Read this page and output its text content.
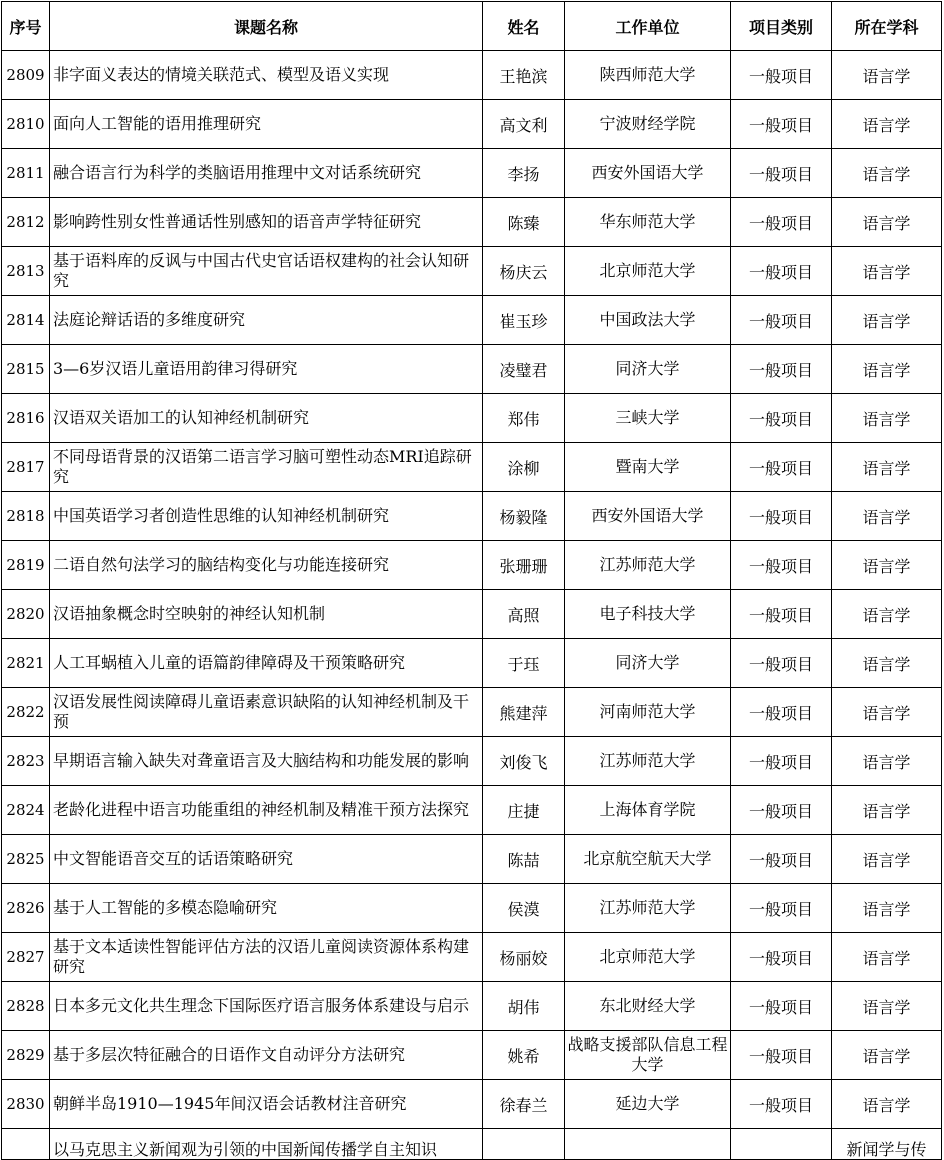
序号	课题名称	姓名	工作单位	项目类别	所在学科
2809	非字面义表达的情境关联范式、模型及语义实现	王艳滨	陕西师范大学	一般项目	语言学
2810	面向人工智能的语用推理研究	高文利	宁波财经学院	一般项目	语言学
2811	融合语言行为科学的类脑语用推理中文对话系统研究	李扬	西安外国语大学	一般项目	语言学
2812	影响跨性别女性普通话性别感知的语音声学特征研究	陈臻	华东师范大学	一般项目	语言学
2813	基于语料库的反讽与中国古代史官话语权建构的社会认知研究	杨庆云	北京师范大学	一般项目	语言学
2814	法庭论辩话语的多维度研究	崔玉珍	中国政法大学	一般项目	语言学
2815	3—6岁汉语儿童语用韵律习得研究	凌璧君	同济大学	一般项目	语言学
2816	汉语双关语加工的认知神经机制研究	郑伟	三峡大学	一般项目	语言学
2817	不同母语背景的汉语第二语言学习脑可塑性动态MRI追踪研究	涂柳	暨南大学	一般项目	语言学
2818	中国英语学习者创造性思维的认知神经机制研究	杨毅隆	西安外国语大学	一般项目	语言学
2819	二语自然句法学习的脑结构变化与功能连接研究	张珊珊	江苏师范大学	一般项目	语言学
2820	汉语抽象概念时空映射的神经认知机制	高照	电子科技大学	一般项目	语言学
2821	人工耳蜗植入儿童的语篇韵律障碍及干预策略研究	于珏	同济大学	一般项目	语言学
2822	汉语发展性阅读障碍儿童语素意识缺陷的认知神经机制及干预	熊建萍	河南师范大学	一般项目	语言学
2823	早期语言输入缺失对聋童语言及大脑结构和功能发展的影响	刘俊飞	江苏师范大学	一般项目	语言学
2824	老龄化进程中语言功能重组的神经机制及精准干预方法探究	庄捷	上海体育学院	一般项目	语言学
2825	中文智能语音交互的话语策略研究	陈喆	北京航空航天大学	一般项目	语言学
2826	基于人工智能的多模态隐喻研究	侯漠	江苏师范大学	一般项目	语言学
2827	基于文本适读性智能评估方法的汉语儿童阅读资源体系构建研究	杨丽姣	北京师范大学	一般项目	语言学
2828	日本多元文化共生理念下国际医疗语言服务体系建设与启示	胡伟	东北财经大学	一般项目	语言学
2829	基于多层次特征融合的日语作文自动评分方法研究	姚希	战略支援部队信息工程大学	一般项目	语言学
2830	朝鲜半岛1910—1945年间汉语会话教材注音研究	徐春兰	延边大学	一般项目	语言学
	以马克思主义新闻观为引领的中国新闻传播学自主知识				新闻学与传
